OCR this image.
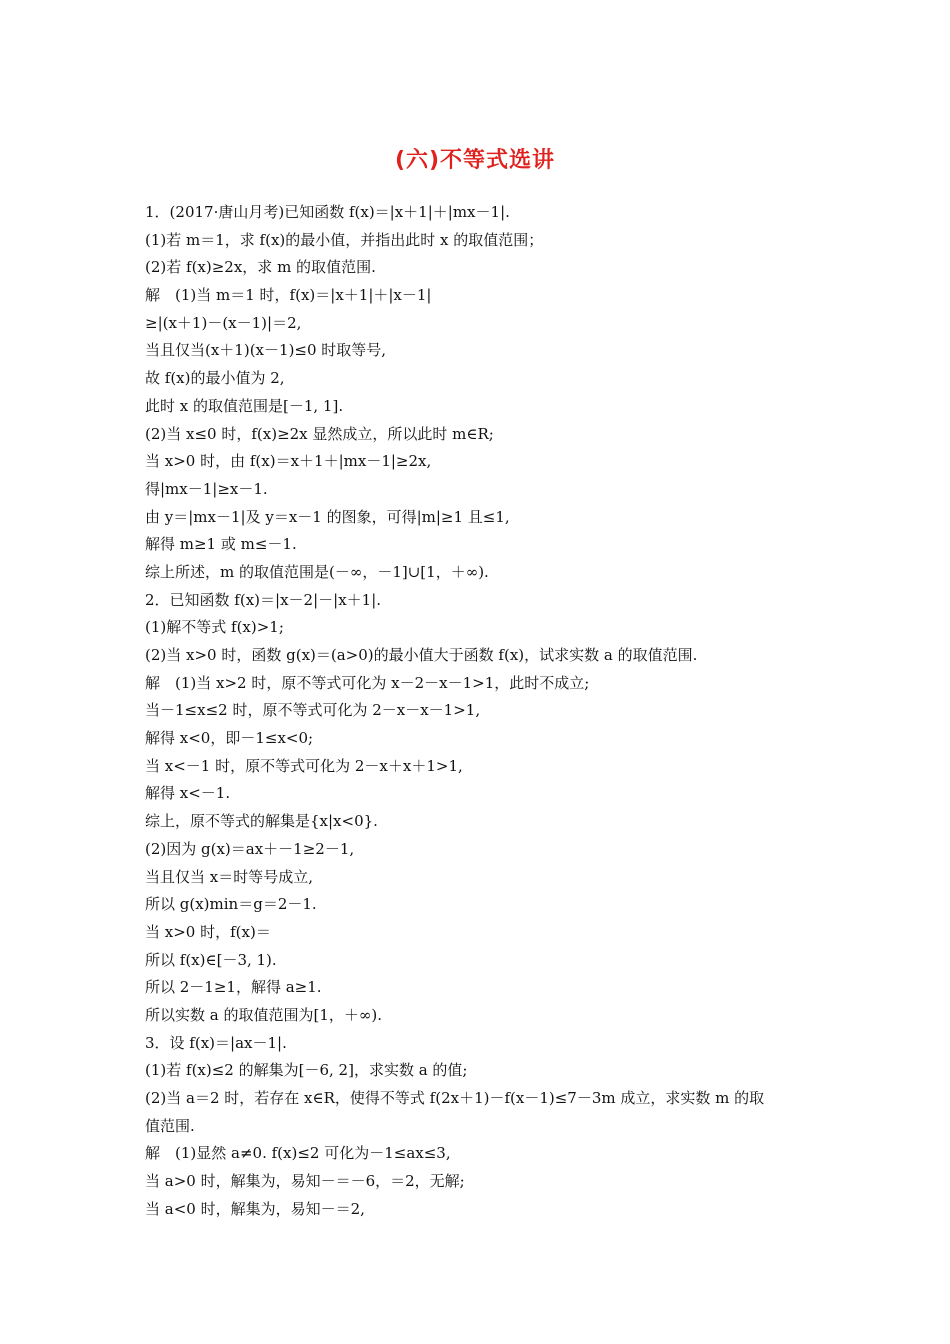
(六)不等式选讲
1．(2017·唐山月考)已知函数 f(x)＝|x＋1|＋|mx－1|.
(1)若 m＝1，求 f(x)的最小值，并指出此时 x 的取值范围；
(2)若 f(x)≥2x，求 m 的取值范围.
解　(1)当 m＝1 时，f(x)＝|x＋1|＋|x－1|
≥|(x＋1)－(x－1)|＝2,
当且仅当(x＋1)(x－1)≤0 时取等号,
故 f(x)的最小值为 2,
此时 x 的取值范围是[－1, 1].
(2)当 x≤0 时，f(x)≥2x 显然成立，所以此时 m∈R;
当 x>0 时，由 f(x)＝x＋1＋|mx－1|≥2x,
得|mx－1|≥x－1.
由 y＝|mx－1|及 y＝x－1 的图象，可得|m|≥1 且≤1,
解得 m≥1 或 m≤－1.
综上所述，m 的取值范围是(－∞，－1]∪[1，＋∞).
2．已知函数 f(x)＝|x－2|－|x＋1|.
(1)解不等式 f(x)>1;
(2)当 x>0 时，函数 g(x)＝(a>0)的最小值大于函数 f(x)，试求实数 a 的取值范围.
解　(1)当 x>2 时，原不等式可化为 x－2－x－1>1，此时不成立;
当－1≤x≤2 时，原不等式可化为 2－x－x－1>1,
解得 x<0，即－1≤x<0;
当 x<－1 时，原不等式可化为 2－x＋x＋1>1,
解得 x<－1.
综上，原不等式的解集是{x|x<0}.
(2)因为 g(x)＝ax＋－1≥2－1,
当且仅当 x＝时等号成立,
所以 g(x)min＝g＝2－1.
当 x>0 时，f(x)＝
所以 f(x)∈[－3, 1).
所以 2－1≥1，解得 a≥1.
所以实数 a 的取值范围为[1，＋∞).
3．设 f(x)＝|ax－1|.
(1)若 f(x)≤2 的解集为[－6, 2]，求实数 a 的值;
(2)当 a＝2 时，若存在 x∈R，使得不等式 f(2x＋1)－f(x－1)≤7－3m 成立，求实数 m 的取
值范围.
解　(1)显然 a≠0. f(x)≤2 可化为－1≤ax≤3,
当 a>0 时，解集为，易知－＝－6，＝2，无解;
当 a<0 时，解集为，易知－＝2,
